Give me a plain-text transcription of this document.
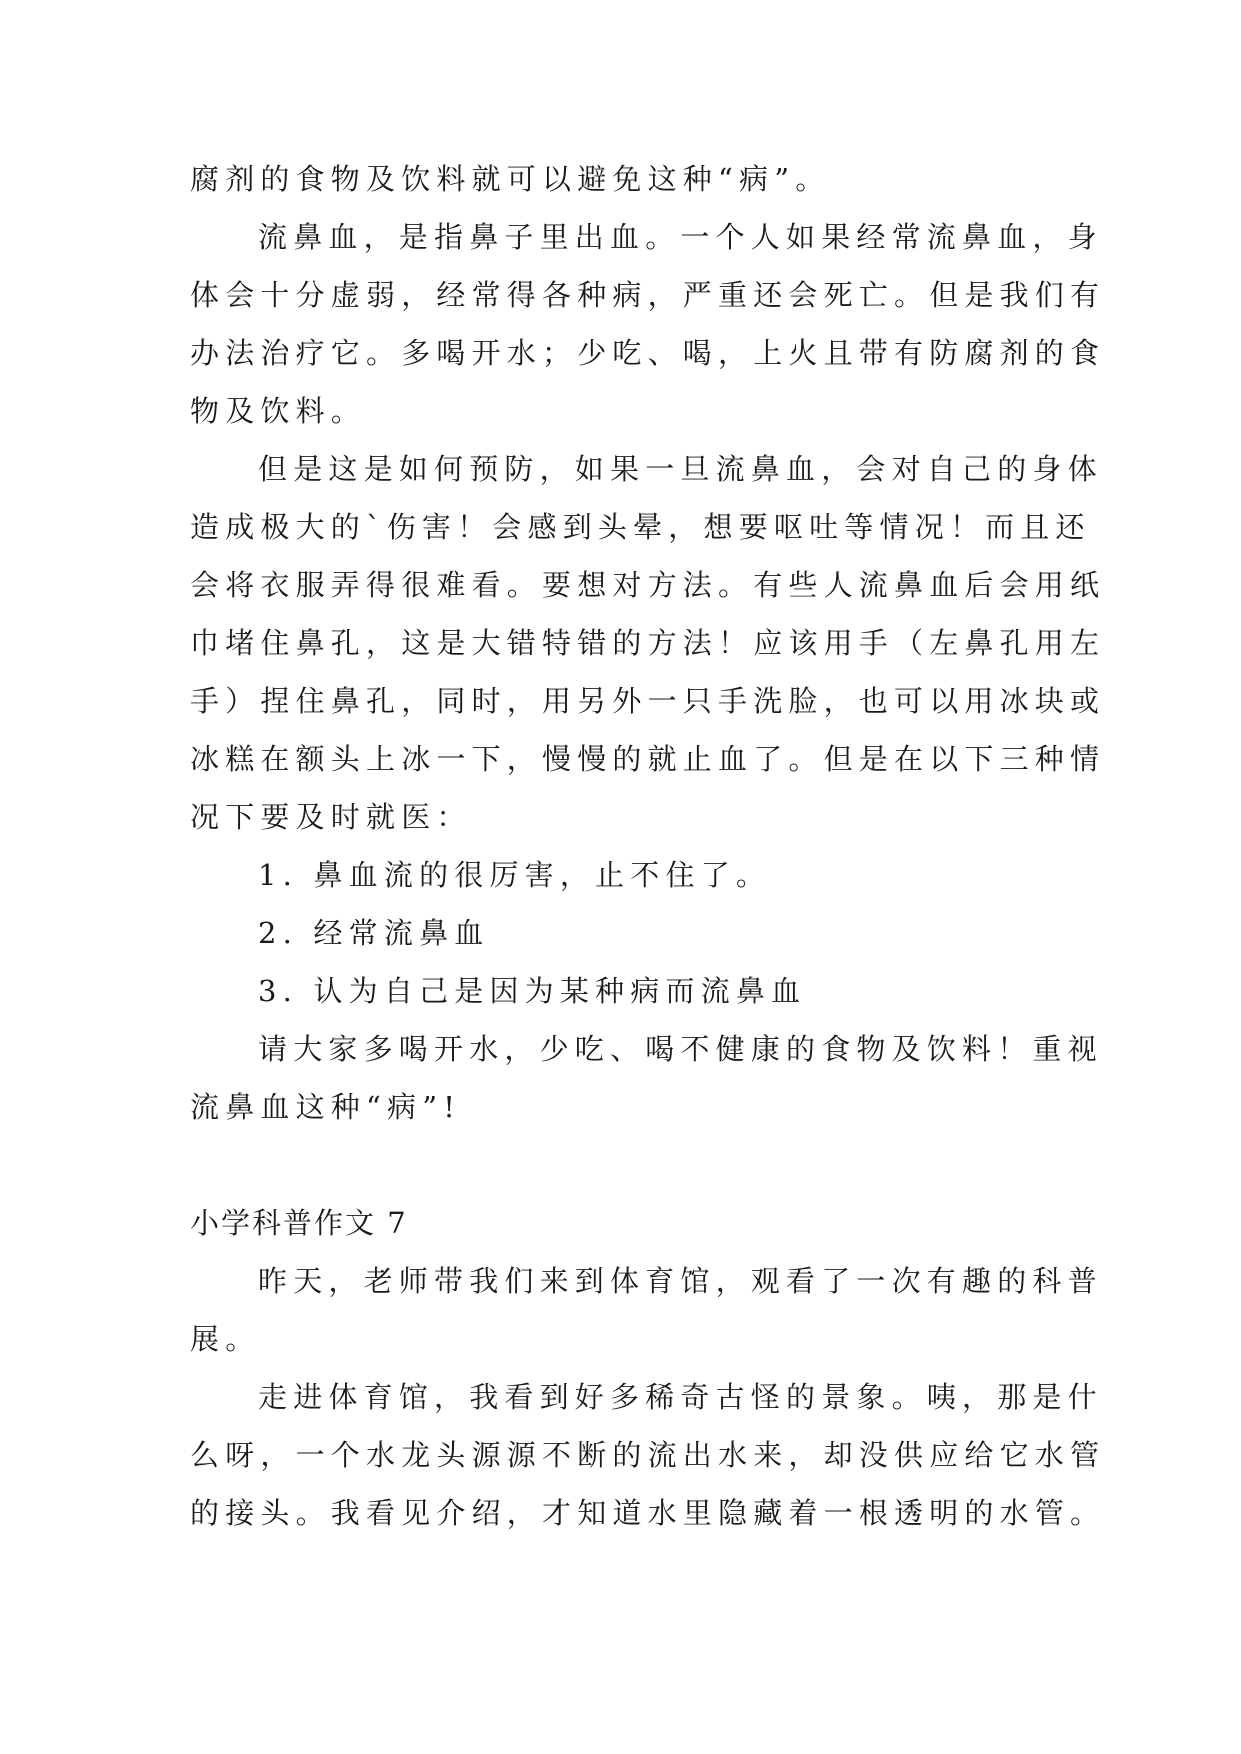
腐剂的食物及饮料就可以避免这种“病”。
流鼻血，是指鼻子里出血。一个人如果经常流鼻血，身
体会十分虚弱，经常得各种病，严重还会死亡。但是我们有
办法治疗它。多喝开水；少吃、喝，上火且带有防腐剂的食
物及饮料。
但是这是如何预防，如果一旦流鼻血，会对自己的身体
造成极大的`伤害！会感到头晕，想要呕吐等情况！而且还
会将衣服弄得很难看。要想对方法。有些人流鼻血后会用纸
巾堵住鼻孔，这是大错特错的方法！应该用手（左鼻孔用左
手）捏住鼻孔，同时，用另外一只手洗脸，也可以用冰块或
冰糕在额头上冰一下，慢慢的就止血了。但是在以下三种情
况下要及时就医：
1. 鼻血流的很厉害，止不住了。
2. 经常流鼻血
3. 认为自己是因为某种病而流鼻血
请大家多喝开水，少吃、喝不健康的食物及饮料！重视
流鼻血这种“病”!
小学科普作文 7
昨天，老师带我们来到体育馆，观看了一次有趣的科普
展。
走进体育馆，我看到好多稀奇古怪的景象。咦，那是什
么呀，一个水龙头源源不断的流出水来，却没供应给它水管
的接头。我看见介绍，才知道水里隐藏着一根透明的水管。
